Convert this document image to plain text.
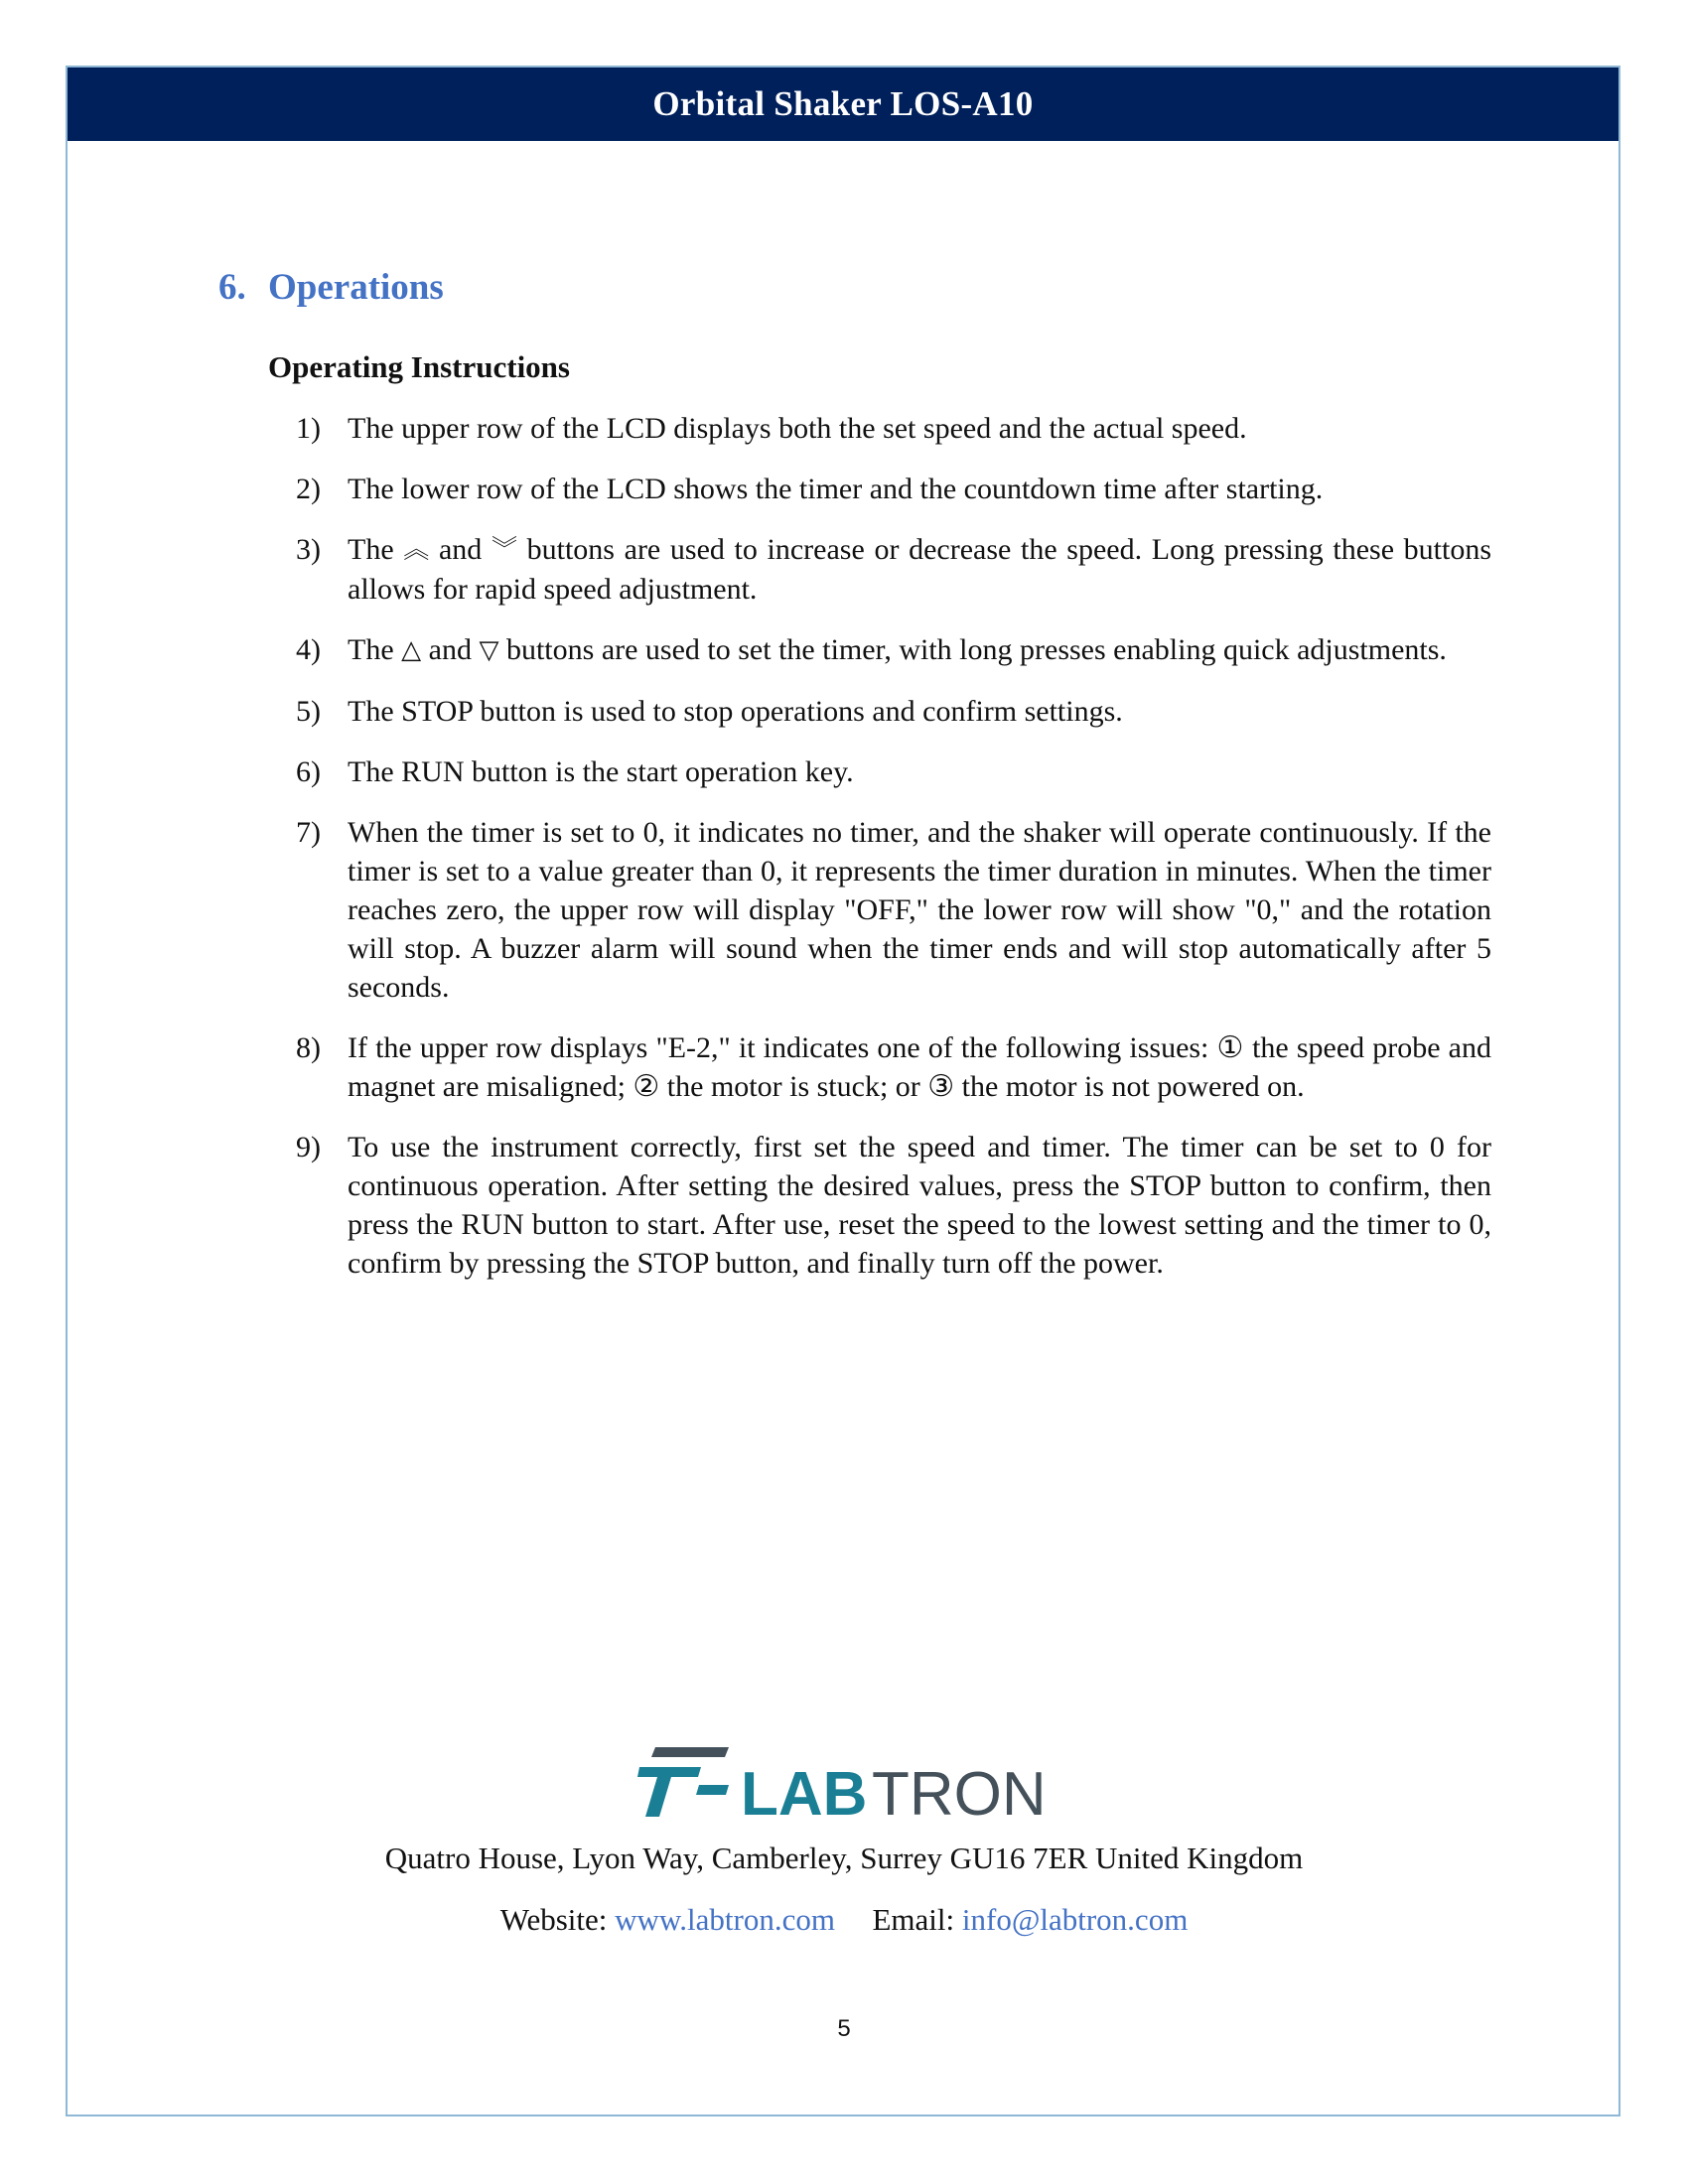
Orbital Shaker LOS-A10
6. Operations
Operating Instructions
1) The upper row of the LCD displays both the set speed and the actual speed.
2) The lower row of the LCD shows the timer and the countdown time after starting.
3) The ︽ and ︾ buttons are used to increase or decrease the speed. Long pressing these buttons allows for rapid speed adjustment.
4) The △ and ▽ buttons are used to set the timer, with long presses enabling quick adjustments.
5) The STOP button is used to stop operations and confirm settings.
6) The RUN button is the start operation key.
7) When the timer is set to 0, it indicates no timer, and the shaker will operate continuously. If the timer is set to a value greater than 0, it represents the timer duration in minutes. When the timer reaches zero, the upper row will display "OFF," the lower row will show "0," and the rotation will stop. A buzzer alarm will sound when the timer ends and will stop automatically after 5 seconds.
8) If the upper row displays "E-2," it indicates one of the following issues: ① the speed probe and magnet are misaligned; ② the motor is stuck; or ③ the motor is not powered on.
9) To use the instrument correctly, first set the speed and timer. The timer can be set to 0 for continuous operation. After setting the desired values, press the STOP button to confirm, then press the RUN button to start. After use, reset the speed to the lowest setting and the timer to 0, confirm by pressing the STOP button, and finally turn off the power.
LAB TRON
Quatro House, Lyon Way, Camberley, Surrey GU16 7ER United Kingdom
Website: www.labtron.com Email: info@labtron.com
5
